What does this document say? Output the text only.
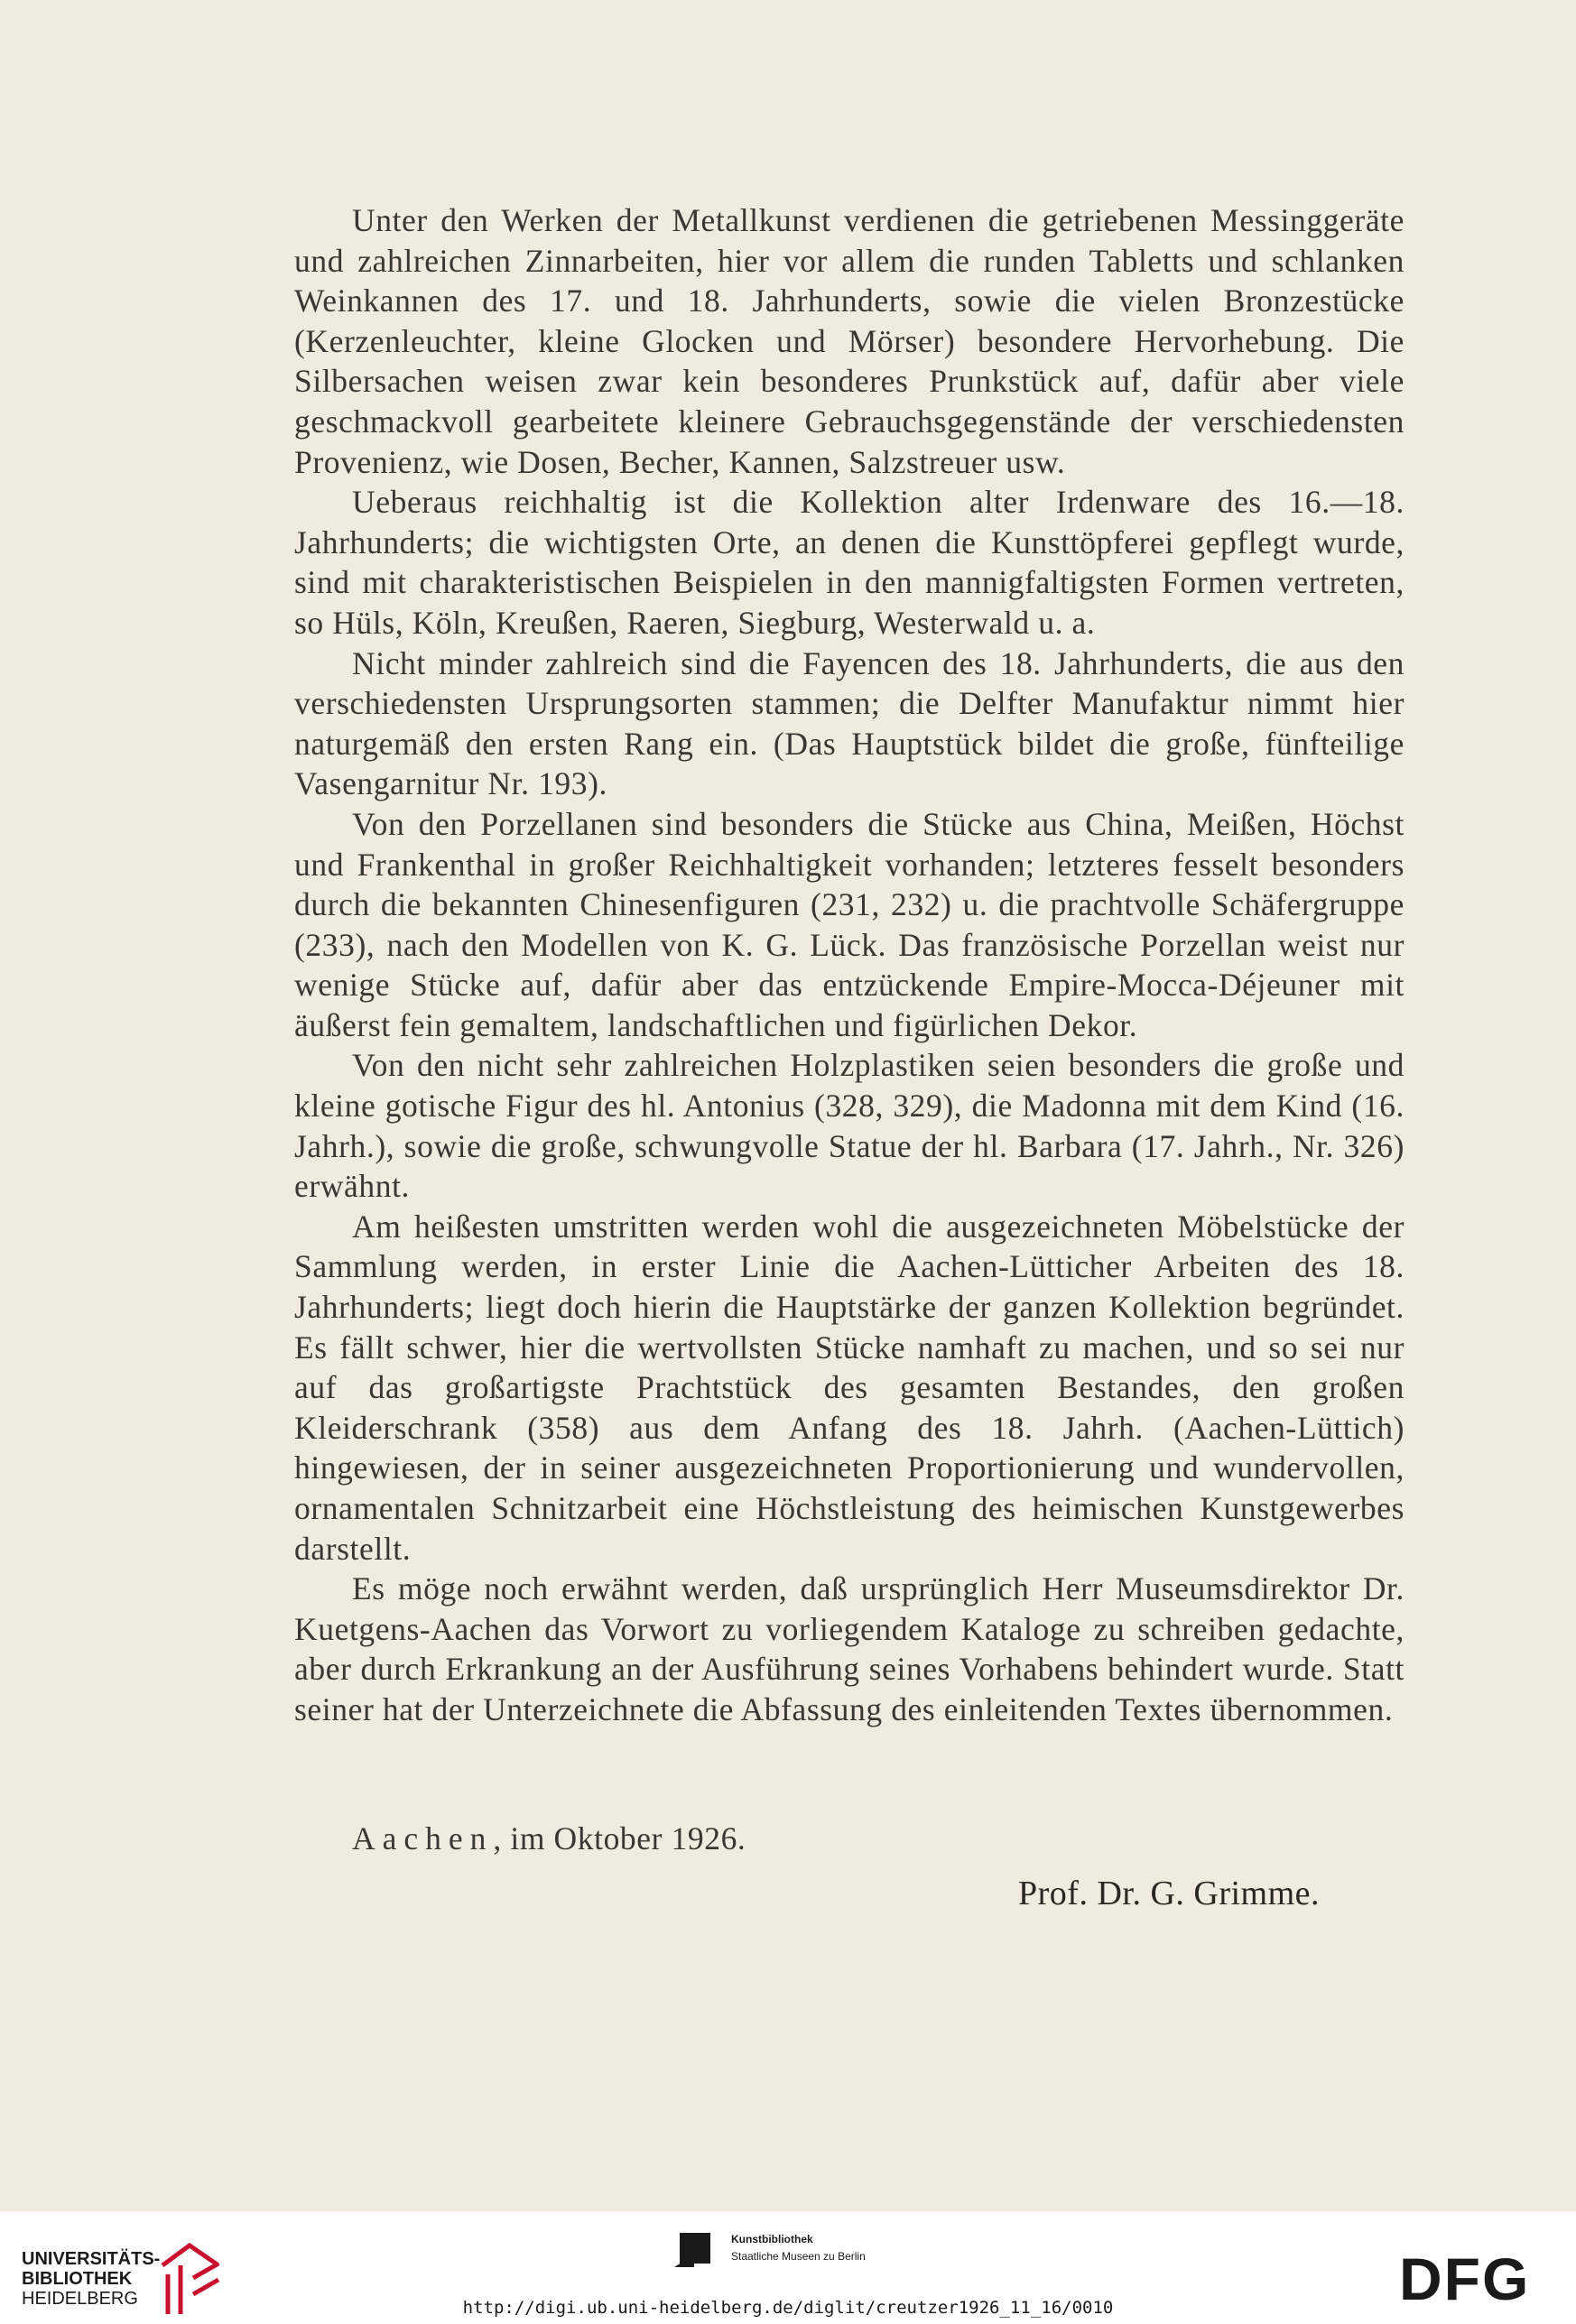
Unter den Werken der Metallkunst verdienen die getriebenen Messinggeräte und zahlreichen Zinnarbeiten, hier vor allem die runden Tabletts und schlanken Weinkannen des 17. und 18. Jahrhunderts, sowie die vielen Bronzestücke (Kerzenleuchter, kleine Glocken und Mörser) besondere Hervorhebung. Die Silbersachen weisen zwar kein besonderes Prunkstück auf, dafür aber viele geschmackvoll gearbeitete kleinere Gebrauchsgegenstände der verschiedensten Provenienz, wie Dosen, Becher, Kannen, Salzstreuer usw.

Ueberaus reichhaltig ist die Kollektion alter Irdenware des 16.—18. Jahrhunderts; die wichtigsten Orte, an denen die Kunsttöpferei gepflegt wurde, sind mit charakteristischen Beispielen in den mannigfaltigsten Formen vertreten, so Hüls, Köln, Kreußen, Raeren, Siegburg, Westerwald u. a.

Nicht minder zahlreich sind die Fayencen des 18. Jahrhunderts, die aus den verschiedensten Ursprungsorten stammen; die Delfter Manufaktur nimmt hier naturgemäß den ersten Rang ein. (Das Hauptstück bildet die große, fünfteilige Vasengarnitur Nr. 193).

Von den Porzellanen sind besonders die Stücke aus China, Meißen, Höchst und Frankenthal in großer Reichhaltigkeit vorhanden; letzteres fesselt besonders durch die bekannten Chinesenfiguren (231, 232) u. die prachtvolle Schäfergruppe (233), nach den Modellen von K. G. Lück. Das französische Porzellan weist nur wenige Stücke auf, dafür aber das entzückende Empire-Mocca-Déjeuner mit äußerst fein gemaltem, landschaftlichen und figürlichen Dekor.

Von den nicht sehr zahlreichen Holzplastiken seien besonders die große und kleine gotische Figur des hl. Antonius (328, 329), die Madonna mit dem Kind (16. Jahrh.), sowie die große, schwungvolle Statue der hl. Barbara (17. Jahrh., Nr. 326) erwähnt.

Am heißesten umstritten werden wohl die ausgezeichneten Möbelstücke der Sammlung werden, in erster Linie die Aachen-Lütticher Arbeiten des 18. Jahrhunderts; liegt doch hierin die Hauptstärke der ganzen Kollektion begründet. Es fällt schwer, hier die wertvollsten Stücke namhaft zu machen, und so sei nur auf das großartigste Prachtstück des gesamten Bestandes, den großen Kleiderschrank (358) aus dem Anfang des 18. Jahrh. (Aachen-Lüttich) hingewiesen, der in seiner ausgezeichneten Proportionierung und wundervollen, ornamentalen Schnitzarbeit eine Höchstleistung des heimischen Kunstgewerbes darstellt.

Es möge noch erwähnt werden, daß ursprünglich Herr Museumsdirektor Dr. Kuetgens-Aachen das Vorwort zu vorliegendem Kataloge zu schreiben gedachte, aber durch Erkrankung an der Ausführung seines Vorhabens behindert wurde. Statt seiner hat der Unterzeichnete die Abfassung des einleitenden Textes übernommen.

Aachen, im Oktober 1926.
Prof. Dr. G. Grimme.
UNIVERSITÄTS-
BIBLIOTHEK
HEIDELBERG
Kunstbibliothek
Staatliche Museen zu Berlin	DFG
http://digi.ub.uni-heidelberg.de/diglit/creutzer1926_11_16/0010
